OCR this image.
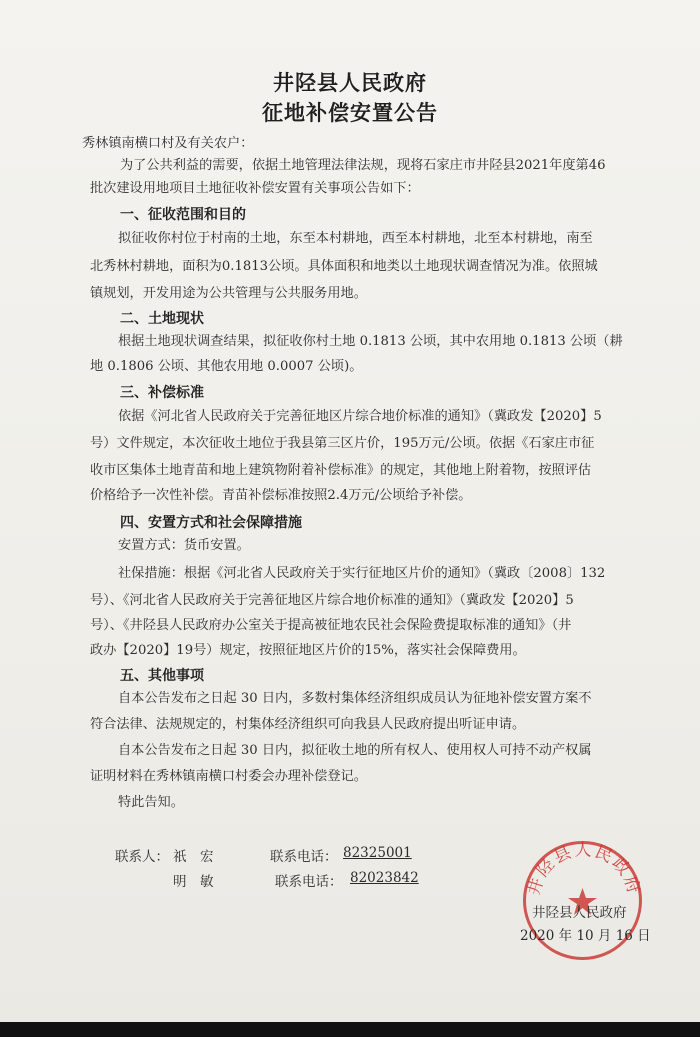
井陉县人民政府
征地补偿安置公告
秀林镇南横口村及有关农户：
为了公共利益的需要，依据土地管理法律法规，现将石家庄市井陉县2021年度第46
批次建设用地项目土地征收补偿安置有关事项公告如下：
一、征收范围和目的
拟征收你村位于村南的土地，东至本村耕地，西至本村耕地，北至本村耕地，南至
北秀林村耕地，面积为0.1813公顷。具体面积和地类以土地现状调查情况为准。依照城
镇规划，开发用途为公共管理与公共服务用地。
二、土地现状
根据土地现状调查结果，拟征收你村土地 0.1813 公顷，其中农用地 0.1813 公顷（耕
地 0.1806 公顷、其他农用地 0.0007 公顷)。
三、补偿标准
依据《河北省人民政府关于完善征地区片综合地价标准的通知》（冀政发【2020】5
号）文件规定，本次征收土地位于我县第三区片价，195万元/公顷。依据《石家庄市征
收市区集体土地青苗和地上建筑物附着补偿标准》的规定，其他地上附着物，按照评估
价格给予一次性补偿。青苗补偿标准按照2.4万元/公顷给予补偿。
四、安置方式和社会保障措施
安置方式：货币安置。
社保措施：根据《河北省人民政府关于实行征地区片价的通知》（冀政〔2008〕132
号）、《河北省人民政府关于完善征地区片综合地价标准的通知》（冀政发【2020】5
号）、《井陉县人民政府办公室关于提高被征地农民社会保险费提取标准的通知》（井
政办【2020】19号）规定，按照征地区片价的15%，落实社会保障费用。
五、其他事项
自本公告发布之日起 30 日内，多数村集体经济组织成员认为征地补偿安置方案不
符合法律、法规规定的，村集体经济组织可向我县人民政府提出听证申请。
自本公告发布之日起 30 日内，拟征收土地的所有权人、使用权人可持不动产权属
证明材料在秀林镇南横口村委会办理补偿登记。
特此告知。
联系人： 祇　宏	联系电话： 82325001
明　敏	联系电话： 82023842	井陉县人民政府
井陉县人民政府
2020 年 10 月 16 日
